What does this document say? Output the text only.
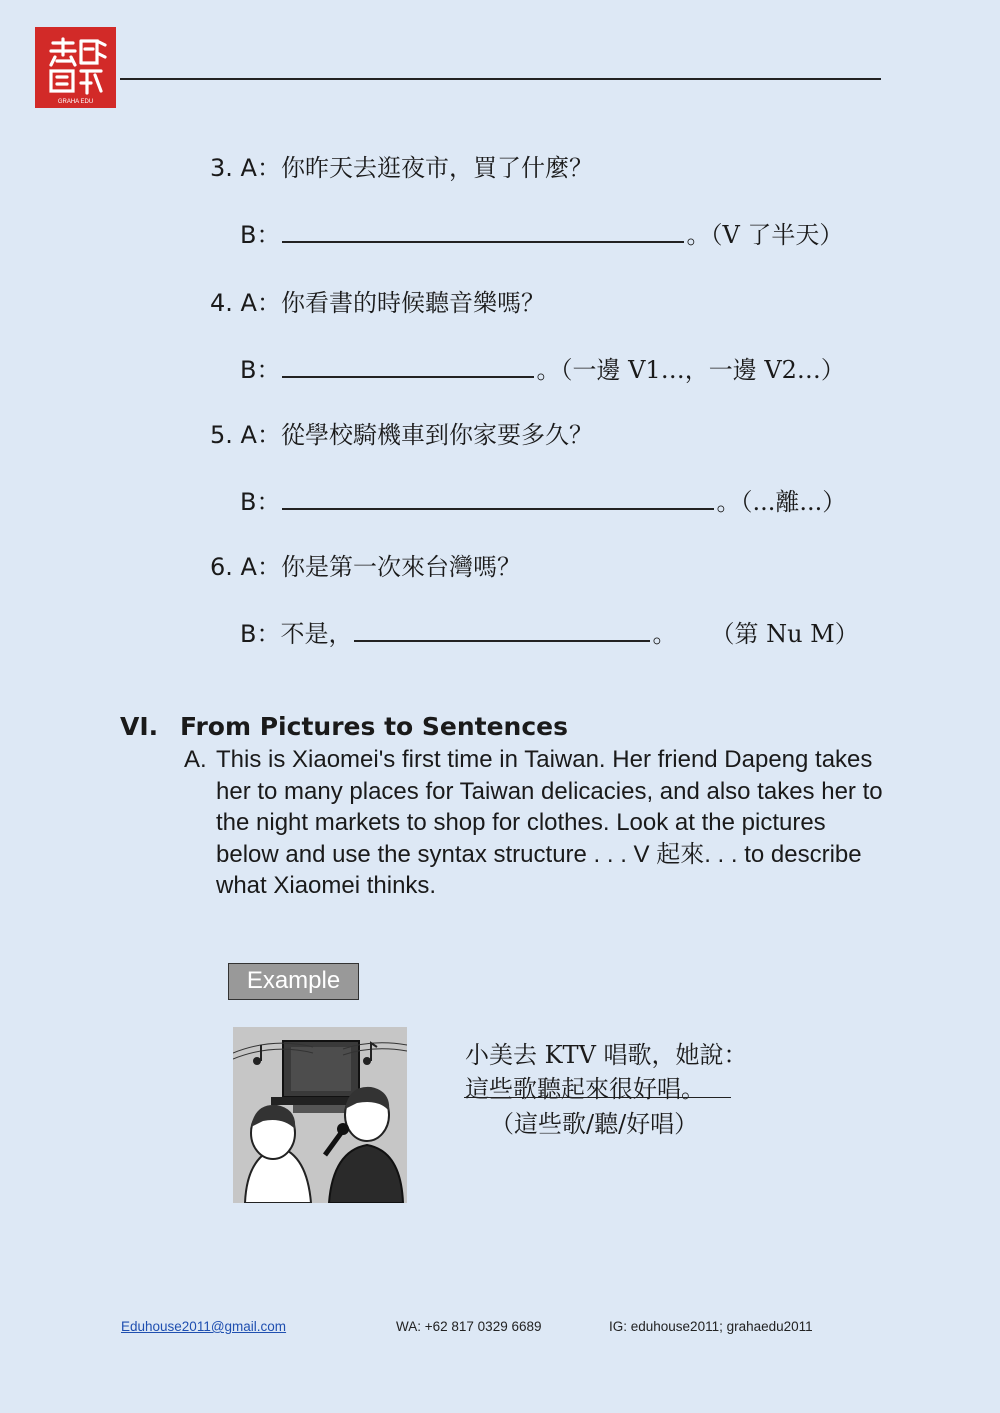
GRAHA EDU
3. A：你昨天去逛夜市，買了什麼？
B：	。（V 了半天）
4. A：你看書的時候聽音樂嗎？
B：	。（一邊 V1…，一邊 V2…）
5. A：從學校騎機車到你家要多久？
B：	。（...離...）
6. A：你是第一次來台灣嗎？
B：不是，	。 （第 Nu M）
VI. From Pictures to Sentences
A. This is Xiaomei's first time in Taiwan. Her friend Dapeng takes her to many places for Taiwan delicacies, and also takes her to the night markets to shop for clothes. Look at the pictures below and use the syntax structure . . . V 起來. . . to describe what Xiaomei thinks.
Example
小美去 KTV 唱歌，她說：
這些歌聽起來很好唱。
（這些歌/聽/好唱）
Eduhouse2011@gmail.com	WA: +62 817 0329 6689	IG: eduhouse2011; grahaedu2011
